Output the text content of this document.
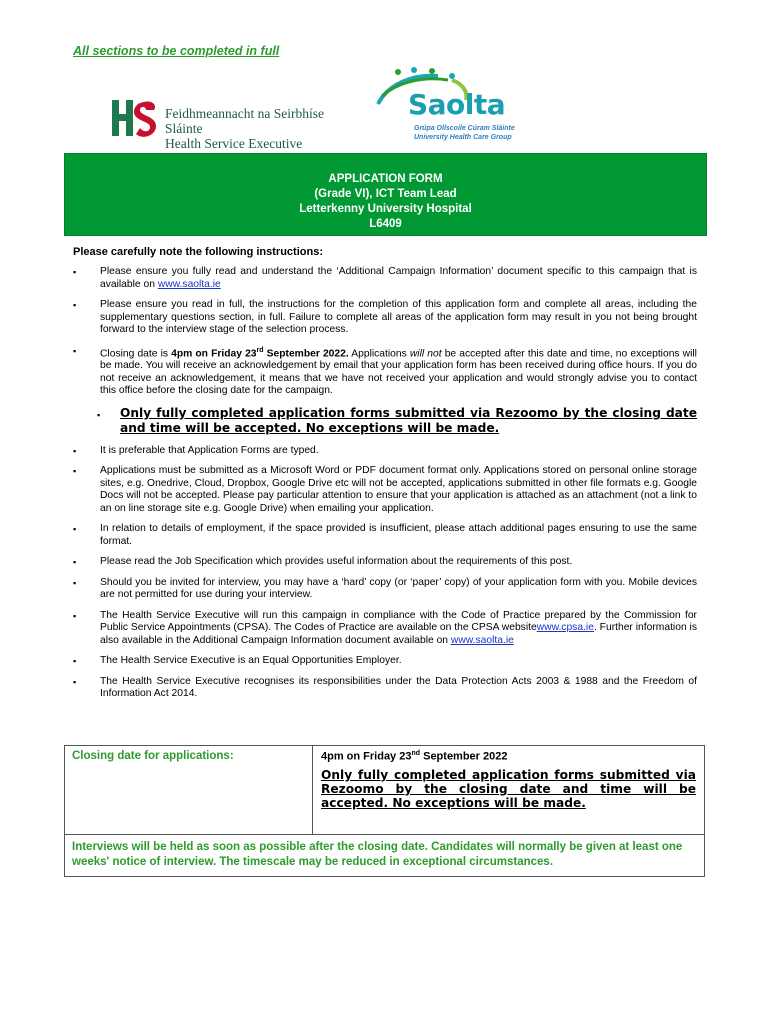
All sections to be completed in full
Feidhmeannacht na Seirbhíse Sláinte
Health Service Executive
Saolta
Grúpa Ollscoile Cúram Sláinte
University Health Care Group
APPLICATION FORM
(Grade VI), ICT Team Lead
Letterkenny University Hospital
L6409
Please carefully note the following instructions:
▪ Please ensure you fully read and understand the ‘Additional Campaign Information’ document specific to this campaign that is available on www.saolta.ie
▪ Please ensure you read in full, the instructions for the completion of this application form and complete all areas, including the supplementary questions section, in full. Failure to complete all areas of the application form may result in you not being brought forward to the interview stage of the selection process.
▪ Closing date is 4pm on Friday 23rd September 2022. Applications will not be accepted after this date and time, no exceptions will be made. You will receive an acknowledgement by email that your application form has been received during office hours. If you do not receive an acknowledgement, it means that we have not received your application and would strongly advise you to contact this office before the closing date for the campaign.
▪ Only fully completed application forms submitted via Rezoomo by the closing date and time will be accepted. No exceptions will be made.
▪ It is preferable that Application Forms are typed.
▪ Applications must be submitted as a Microsoft Word or PDF document format only. Applications stored on personal online storage sites, e.g. Onedrive, Cloud, Dropbox, Google Drive etc will not be accepted, applications submitted in other file formats e.g. Google Docs will not be accepted. Please pay particular attention to ensure that your application is attached as an attachment (not a link to an on line storage site e.g. Google Drive) when emailing your application.
▪ In relation to details of employment, if the space provided is insufficient, please attach additional pages ensuring to use the same format.
▪ Please read the Job Specification which provides useful information about the requirements of this post.
▪ Should you be invited for interview, you may have a ‘hard’ copy (or ‘paper’ copy) of your application form with you. Mobile devices are not permitted for use during your interview.
▪ The Health Service Executive will run this campaign in compliance with the Code of Practice prepared by the Commission for Public Service Appointments (CPSA). The Codes of Practice are available on the CPSA websitewww.cpsa.ie. Further information is also available in the Additional Campaign Information document available on www.saolta.ie
▪ The Health Service Executive is an Equal Opportunities Employer.
▪ The Health Service Executive recognises its responsibilities under the Data Protection Acts 2003 & 1988 and the Freedom of Information Act 2014.
Closing date for applications:	4pm on Friday 23nd September 2022
Only fully completed application forms submitted via Rezoomo by the closing date and time will be accepted. No exceptions will be made.

Interviews will be held as soon as possible after the closing date. Candidates will normally be given at least one weeks' notice of interview. The timescale may be reduced in exceptional circumstances.
